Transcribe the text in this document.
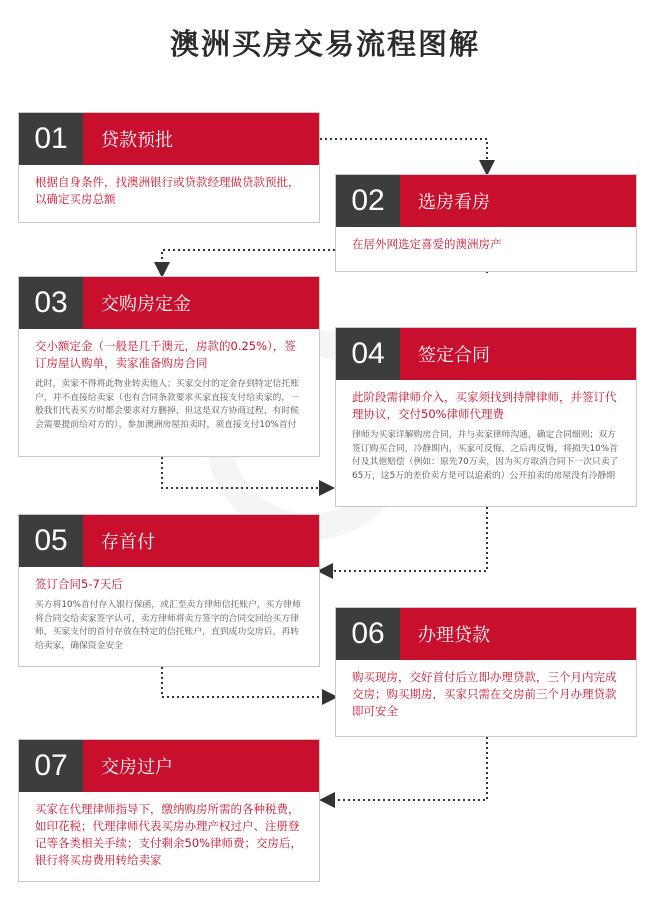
澳洲买房交易流程图解
01	贷款预批

根据自身条件，找澳洲银行或贷款经理做贷款预批，以确定买房总额	02	选房看房

在居外网选定喜爱的澳洲房产

03	交购房定金

交小额定金（一般是几千澳元，房款的0.25%），签订房屋认购单，卖家准备购房合同

此时，卖家不得将此物业转卖他人；买家交付的定金存到特定信托账户，并不直接给卖家（也有合同条款要求买家直接支付给卖家的，一般我们代表买方时都会要求对方删掉，但这是双方协商过程，有时候会需要提前给对方的），参加澳洲房屋拍卖时，须直接支付10%首付

04	签定合同

此阶段需律师介入，买家须找到持牌律师，并签订代理协议，交付50%律师代理费

律师为买家详解购房合同，并与卖家律师沟通，确定合同细则；双方签订购买合同，冷静期内，买家可反悔，之后再反悔，将损失10%首付及其他赔偿（例如：原先70万卖，因为买方取消合同下一次只卖了65万，这5万的差价卖方是可以追索的）公开拍卖的房屋没有冷静期

05	存首付

签订合同5-7天后

买方将10%首付存入银行保函，或汇至卖方律师信托账户，买方律师将合同交给卖家签字认可，卖方律师将卖方签字的合同交回给买方律师，买家支付的首付存放在特定的信托账户，直到成功交房后，再转给卖家，确保资金安全	06	办理贷款

购买现房，交好首付后立即办理贷款，三个月内完成交房；购买期房，买家只需在交房前三个月办理贷款即可安全

07	交房过户

买家在代理律师指导下，缴纳购房所需的各种税费，如印花税；代理律师代表买房办理产权过户、注册登记等各类相关手续；支付剩余50%律师费；交房后，银行将买房费用转给卖家
